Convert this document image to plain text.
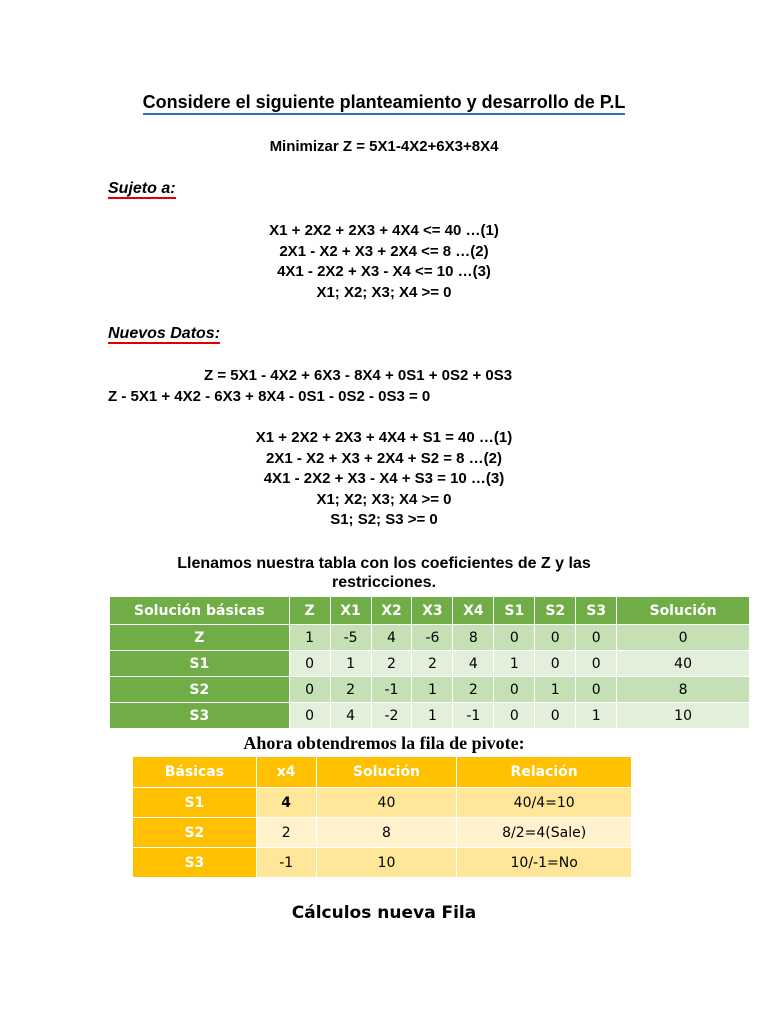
Considere el siguiente planteamiento y desarrollo de P.L
Minimizar Z = 5X1-4X2+6X3+8X4
Sujeto a:
X1 + 2X2 + 2X3 + 4X4 <= 40 …(1)
2X1 - X2 + X3 + 2X4 <= 8 …(2)
4X1 - 2X2 + X3 - X4 <= 10 …(3)
X1; X2; X3; X4 >= 0
Nuevos Datos:
Z = 5X1 - 4X2 + 6X3 - 8X4 + 0S1 + 0S2 + 0S3
Z - 5X1 + 4X2 - 6X3 + 8X4 - 0S1 - 0S2 - 0S3 = 0
X1 + 2X2 + 2X3 + 4X4 + S1 = 40 …(1)
2X1 - X2 + X3 + 2X4 + S2 = 8 …(2)
4X1 - 2X2 + X3 - X4 + S3 = 10 …(3)
X1; X2; X3; X4 >= 0
S1; S2; S3 >= 0
Llenamos nuestra tabla con los coeficientes de Z y las
restricciones.
Solución básicas	Z	X1	X2	X3	X4	S1	S2	S3	Solución
Z	1	-5	4	-6	8	0	0	0	0
S1	0	1	2	2	4	1	0	0	40
S2	0	2	-1	1	2	0	1	0	8
S3	0	4	-2	1	-1	0	0	1	10
Ahora obtendremos la fila de pivote:
Básicas	x4	Solución	Relación
S1	4	40	40/4=10
S2	2	8	8/2=4(Sale)
S3	-1	10	10/-1=No
Cálculos nueva Fila
